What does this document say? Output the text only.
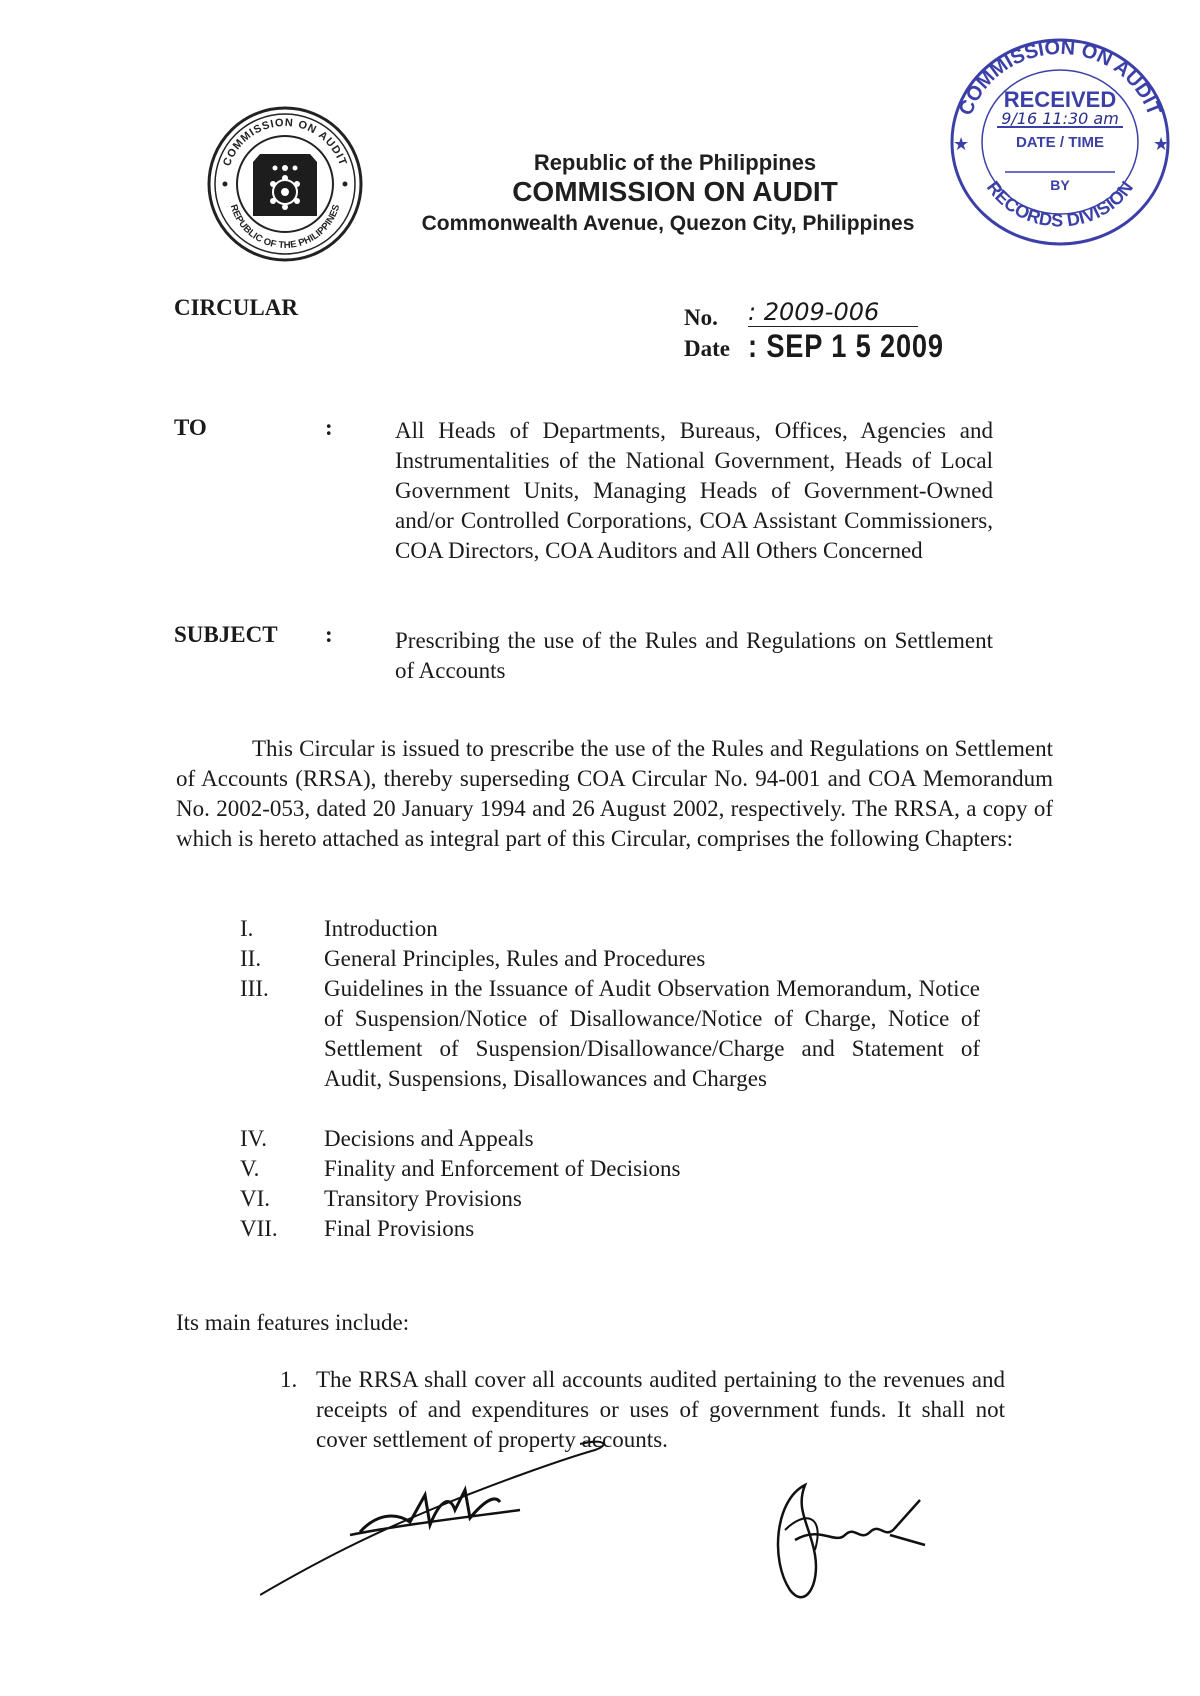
COMMISSION ON AUDIT
REPUBLIC OF THE PHILIPPINES
Republic of the Philippines
COMMISSION ON AUDIT
Commonwealth Avenue, Quezon City, Philippines
COMMISSION ON AUDIT
RECORDS DIVISION
RECEIVED
9/16 11:30 am
DATE / TIME
BY
★	★
CIRCULAR	No. : 2009-006
Date : SEP 1 5 2009
TO	:	All Heads of Departments, Bureaus, Offices, Agencies and Instrumentalities of the National Government, Heads of Local Government Units, Managing Heads of Government-Owned and/or Controlled Corporations, COA Assistant Commissioners, COA Directors, COA Auditors and All Others Concerned
SUBJECT :	Prescribing the use of the Rules and Regulations on Settlement of Accounts
This Circular is issued to prescribe the use of the Rules and Regulations on Settlement of Accounts (RRSA), thereby superseding COA Circular No. 94-001 and COA Memorandum No. 2002-053, dated 20 January 1994 and 26 August 2002, respectively. The RRSA, a copy of which is hereto attached as integral part of this Circular, comprises the following Chapters:
I.	Introduction
II.	General Principles, Rules and Procedures
III.	Guidelines in the Issuance of Audit Observation Memorandum, Notice of Suspension/Notice of Disallowance/Notice of Charge, Notice of Settlement of Suspension/Disallowance/Charge and Statement of Audit, Suspensions, Disallowances and Charges
IV.	Decisions and Appeals
V.	Finality and Enforcement of Decisions
VI.	Transitory Provisions
VII.	Final Provisions
Its main features include:
1. The RRSA shall cover all accounts audited pertaining to the revenues and receipts of and expenditures or uses of government funds. It shall not cover settlement of property accounts.
